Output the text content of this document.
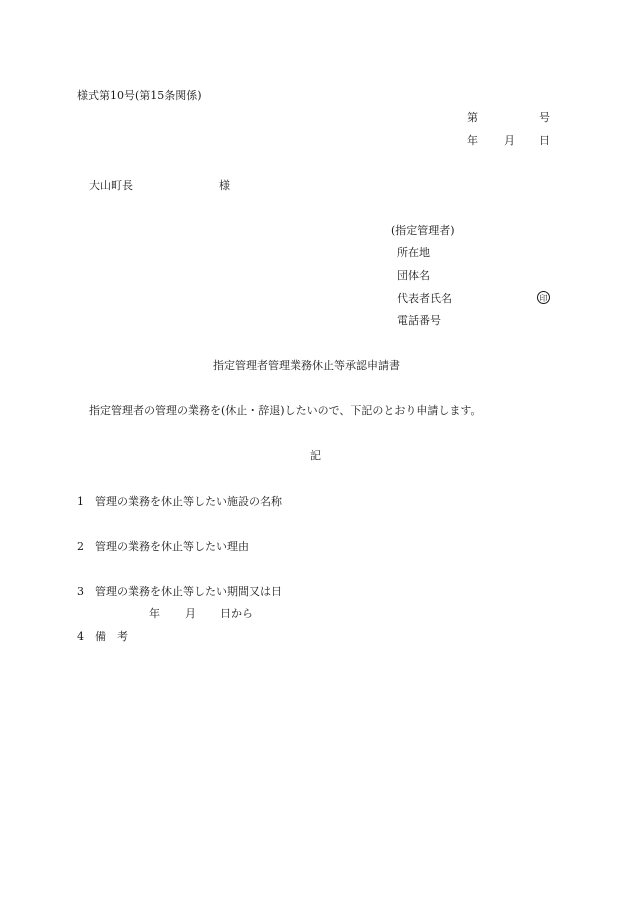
様式第10号(第15条関係)
第	号
年 月 日
大山町長	様
(指定管理者)
所在地
団体名
代表者氏名	印
電話番号
指定管理者管理業務休止等承認申請書
指定管理者の管理の業務を(休止・辞退)したいので、下記のとおり申請します。
記
1 管理の業務を休止等したい施設の名称
2 管理の業務を休止等したい理由
3 管理の業務を休止等したい期間又は日
年 月 日から
4 備　考
